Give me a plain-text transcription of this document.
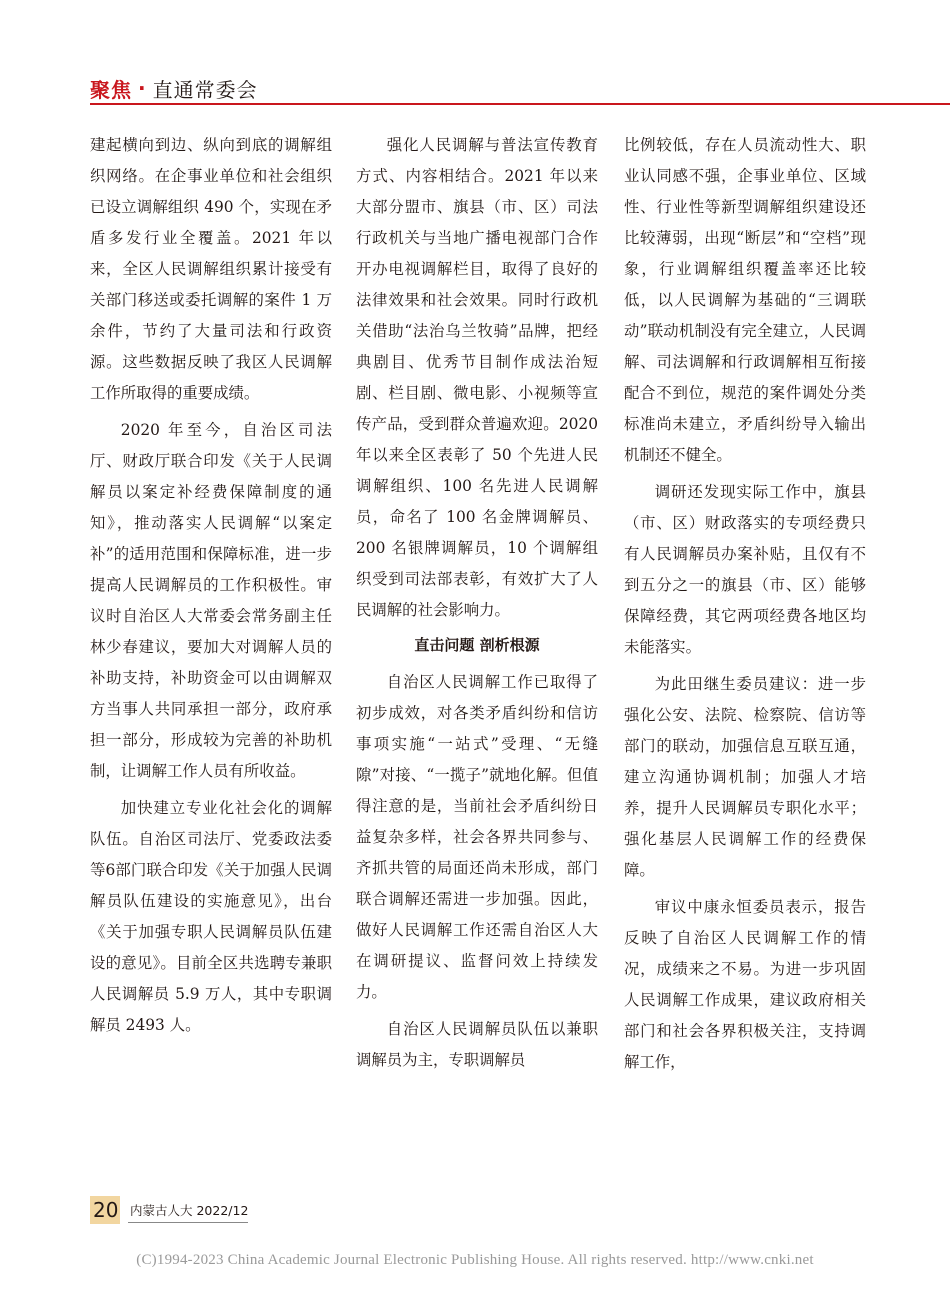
聚焦 · 直通常委会

建起横向到边、纵向到底的调解组织网络。在企事业单位和社会组织已设立调解组织 490 个，实现在矛盾多发行业全覆盖。2021 年以来，全区人民调解组织累计接受有关部门移送或委托调解的案件 1 万余件，节约了大量司法和行政资源。这些数据反映了我区人民调解工作所取得的重要成绩。

2020 年至今，自治区司法厅、财政厅联合印发《关于人民调解员以案定补经费保障制度的通知》，推动落实人民调解“以案定补”的适用范围和保障标准，进一步提高人民调解员的工作积极性。审议时自治区人大常委会常务副主任林少春建议，要加大对调解人员的补助支持，补助资金可以由调解双方当事人共同承担一部分，政府承担一部分，形成较为完善的补助机制，让调解工作人员有所收益。

加快建立专业化社会化的调解队伍。自治区司法厅、党委政法委等6部门联合印发《关于加强人民调解员队伍建设的实施意见》，出台《关于加强专职人民调解员队伍建设的意见》。目前全区共选聘专兼职人民调解员 5.9 万人，其中专职调解员 2493 人。

强化人民调解与普法宣传教育方式、内容相结合。2021 年以来大部分盟市、旗县（市、区）司法行政机关与当地广播电视部门合作开办电视调解栏目，取得了良好的法律效果和社会效果。同时行政机关借助“法治乌兰牧骑”品牌，把经典剧目、优秀节目制作成法治短剧、栏目剧、微电影、小视频等宣传产品，受到群众普遍欢迎。2020 年以来全区表彰了 50 个先进人民调解组织、100 名先进人民调解员，命名了 100 名金牌调解员、200 名银牌调解员，10 个调解组织受到司法部表彰，有效扩大了人民调解的社会影响力。

直击问题 剖析根源

自治区人民调解工作已取得了初步成效，对各类矛盾纠纷和信访事项实施“一站式”受理、“无缝隙”对接、“一揽子”就地化解。但值得注意的是，当前社会矛盾纠纷日益复杂多样，社会各界共同参与、齐抓共管的局面还尚未形成，部门联合调解还需进一步加强。因此，做好人民调解工作还需自治区人大在调研提议、监督问效上持续发力。

自治区人民调解员队伍以兼职调解员为主，专职调解员

比例较低，存在人员流动性大、职业认同感不强，企事业单位、区域性、行业性等新型调解组织建设还比较薄弱，出现“断层”和“空档”现象，行业调解组织覆盖率还比较低，以人民调解为基础的“三调联动”联动机制没有完全建立，人民调解、司法调解和行政调解相互衔接配合不到位，规范的案件调处分类标准尚未建立，矛盾纠纷导入输出机制还不健全。

调研还发现实际工作中，旗县（市、区）财政落实的专项经费只有人民调解员办案补贴，且仅有不到五分之一的旗县（市、区）能够保障经费，其它两项经费各地区均未能落实。

为此田继生委员建议：进一步强化公安、法院、检察院、信访等部门的联动，加强信息互联互通，建立沟通协调机制；加强人才培养，提升人民调解员专职化水平；强化基层人民调解工作的经费保障。

审议中康永恒委员表示，报告反映了自治区人民调解工作的情况，成绩来之不易。为进一步巩固人民调解工作成果，建议政府相关部门和社会各界积极关注，支持调解工作，

20 内蒙古人大 2022/12
(C)1994-2023 China Academic Journal Electronic Publishing House. All rights reserved. http://www.cnki.net
